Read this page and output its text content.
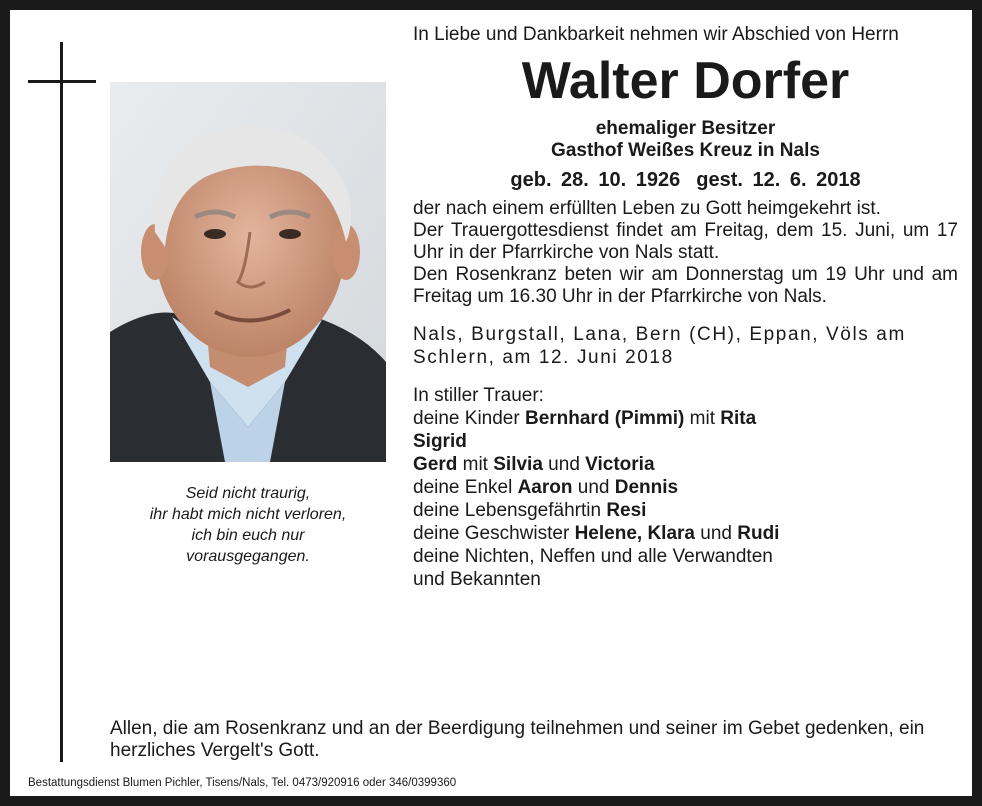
Seid nicht traurig,
ihr habt mich nicht verloren,
ich bin euch nur
vorausgegangen.
In Liebe und Dankbarkeit nehmen wir Abschied von Herrn
Walter Dorfer
ehemaliger Besitzer
Gasthof Weißes Kreuz in Nals
geb. 28. 10. 1926 gest. 12. 6. 2018
der nach einem erfüllten Leben zu Gott heimgekehrt ist.
Der Trauergottesdienst findet am Freitag, dem 15. Juni, um 17 Uhr in der Pfarrkirche von Nals statt.
Den Rosenkranz beten wir am Donnerstag um 19 Uhr und am Freitag um 16.30 Uhr in der Pfarrkirche von Nals.
Nals, Burgstall, Lana, Bern (CH), Eppan, Völs am Schlern, am 12. Juni 2018
In stiller Trauer:
deine Kinder Bernhard (Pimmi) mit Rita
Sigrid
Gerd mit Silvia und Victoria
deine Enkel Aaron und Dennis
deine Lebensgefährtin Resi
deine Geschwister Helene, Klara und Rudi
deine Nichten, Neffen und alle Verwandten
und Bekannten
Allen, die am Rosenkranz und an der Beerdigung teilnehmen und seiner im Gebet gedenken, ein herzliches Vergelt's Gott.
Bestattungsdienst Blumen Pichler, Tisens/Nals, Tel. 0473/920916 oder 346/0399360
